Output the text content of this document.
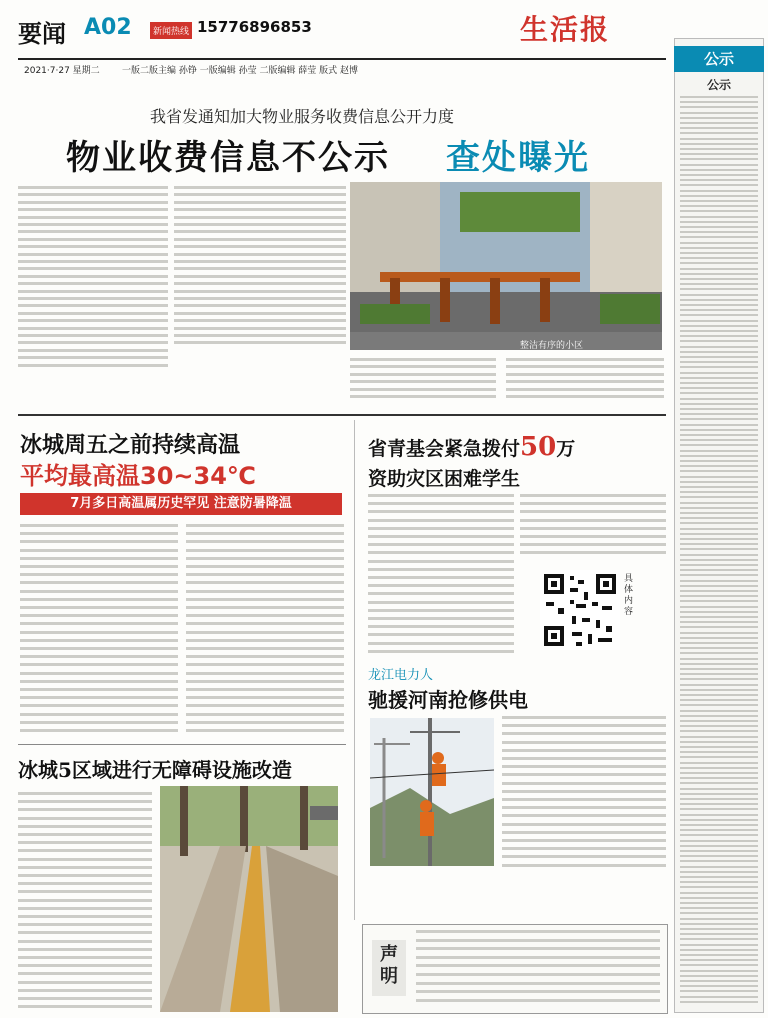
要闻 A02	新闻热线 15776896853	生活报
2021·7·27 星期二 一版二版主编 孙铮 一版编辑 孙莹 二版编辑 薛莹 版式 赵博
公示
公示
我省发通知加大物业服务收费信息公开力度
物业收费信息不公示 查处曝光
整洁有序的小区
冰城周五之前持续高温
平均最高温30~34℃
7月多日高温属历史罕见 注意防暑降温
冰城5区域进行无障碍设施改造
省青基会紧急拨付50万
资助灾区困难学生
具体内容
龙江电力人
驰援河南抢修供电
声明
